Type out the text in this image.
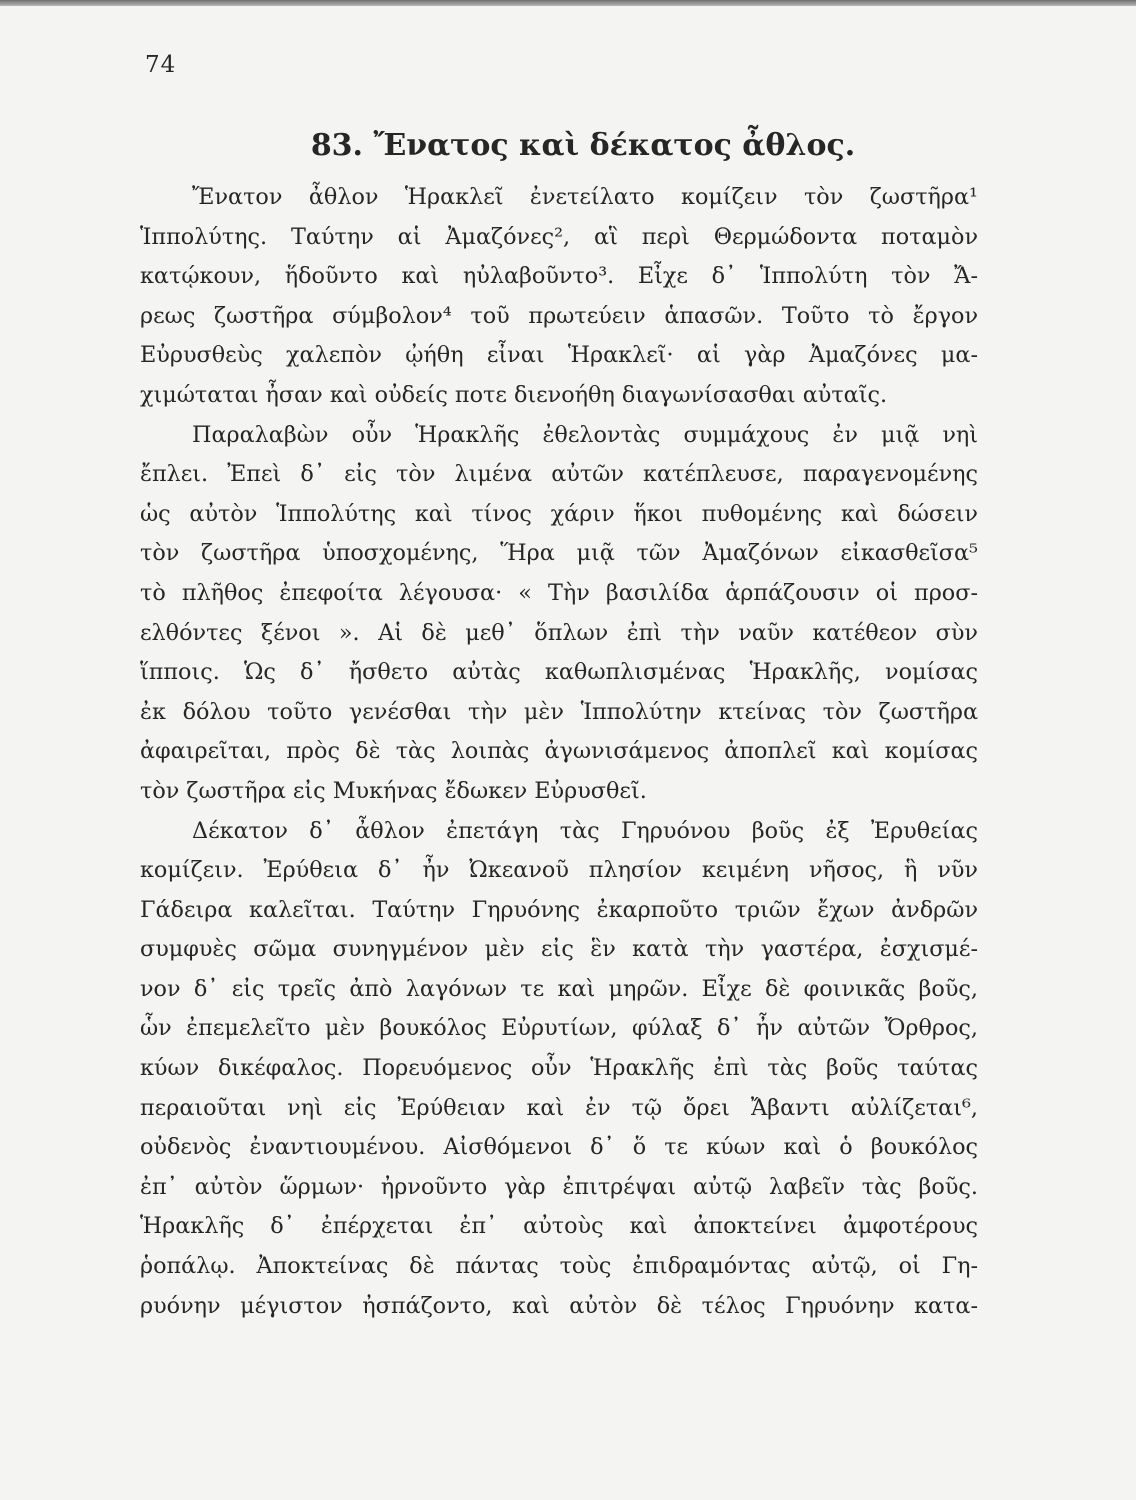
74
83. Ἔνατος καὶ δέκατος ἆθλος.
Ἔνατον ἆθλον Ἡρακλεῖ ἐνετείλατο κομίζειν τὸν ζωστῆρα¹
Ἱππολύτης. Ταύτην αἱ Ἀμαζόνες², αἳ περὶ Θερμώδοντα ποταμὸν
κατῴκουν, ἥδοῦντο καὶ ηὐλαβοῦντο³. Εἶχε δ᾽ Ἱππολύτη τὸν Ἄ-
ρεως ζωστῆρα σύμβολον⁴ τοῦ πρωτεύειν ἁπασῶν. Τοῦτο τὸ ἔργον
Εὐρυσθεὺς χαλεπὸν ᾠήθη εἶναι Ἡρακλεῖ· αἱ γὰρ Ἀμαζόνες μα-
χιμώταται ἦσαν καὶ οὐδείς ποτε διενοήθη διαγωνίσασθαι αὐταῖς.
Παραλαβὼν οὖν Ἡρακλῆς ἐθελοντὰς συμμάχους ἐν μιᾷ νηὶ
ἔπλει. Ἐπεὶ δ᾽ εἰς τὸν λιμένα αὐτῶν κατέπλευσε, παραγενομένης
ὡς αὐτὸν Ἱππολύτης καὶ τίνος χάριν ἥκοι πυθομένης καὶ δώσειν
τὸν ζωστῆρα ὑποσχομένης, Ἥρα μιᾷ τῶν Ἀμαζόνων εἰκασθεῖσα⁵
τὸ πλῆθος ἐπεφοίτα λέγουσα· « Τὴν βασιλίδα ἁρπάζουσιν οἱ προσ-
ελθόντες ξένοι ». Αἱ δὲ μεθ᾽ ὅπλων ἐπὶ τὴν ναῦν κατέθεον σὺν
ἵπποις. Ὡς δ᾽ ἤσθετο αὐτὰς καθωπλισμένας Ἡρακλῆς, νομίσας
ἐκ δόλου τοῦτο γενέσθαι τὴν μὲν Ἱππολύτην κτείνας τὸν ζωστῆρα
ἀφαιρεῖται, πρὸς δὲ τὰς λοιπὰς ἀγωνισάμενος ἀποπλεῖ καὶ κομίσας
τὸν ζωστῆρα εἰς Μυκήνας ἔδωκεν Εὐρυσθεῖ.
Δέκατον δ᾽ ἆθλον ἐπετάγη τὰς Γηρυόνου βοῦς ἐξ Ἐρυθείας
κομίζειν. Ἐρύθεια δ᾽ ἦν Ὠκεανοῦ πλησίον κειμένη νῆσος, ἣ νῦν
Γάδειρα καλεῖται. Ταύτην Γηρυόνης ἐκαρποῦτο τριῶν ἔχων ἀνδρῶν
συμφυὲς σῶμα συνηγμένον μὲν εἰς ἓν κατὰ τὴν γαστέρα, ἐσχισμέ-
νον δ᾽ εἰς τρεῖς ἀπὸ λαγόνων τε καὶ μηρῶν. Εἶχε δὲ φοινικᾶς βοῦς,
ὧν ἐπεμελεῖτο μὲν βουκόλος Εὐρυτίων, φύλαξ δ᾽ ἦν αὐτῶν Ὄρθρος,
κύων δικέφαλος. Πορευόμενος οὖν Ἡρακλῆς ἐπὶ τὰς βοῦς ταύτας
περαιοῦται νηὶ εἰς Ἐρύθειαν καὶ ἐν τῷ ὄρει Ἄβαντι αὐλίζεται⁶,
οὐδενὸς ἐναντιουμένου. Αἰσθόμενοι δ᾽ ὅ τε κύων καὶ ὁ βουκόλος
ἐπ᾽ αὐτὸν ὥρμων· ἠρνοῦντο γὰρ ἐπιτρέψαι αὐτῷ λαβεῖν τὰς βοῦς.
Ἡρακλῆς δ᾽ ἐπέρχεται ἐπ᾽ αὐτοὺς καὶ ἀποκτείνει ἀμφοτέρους
ῥοπάλῳ. Ἀποκτείνας δὲ πάντας τοὺς ἐπιδραμόντας αὐτῷ, οἱ Γη-
ρυόνην μέγιστον ἠσπάζοντο, καὶ αὐτὸν δὲ τέλος Γηρυόνην κατα-
